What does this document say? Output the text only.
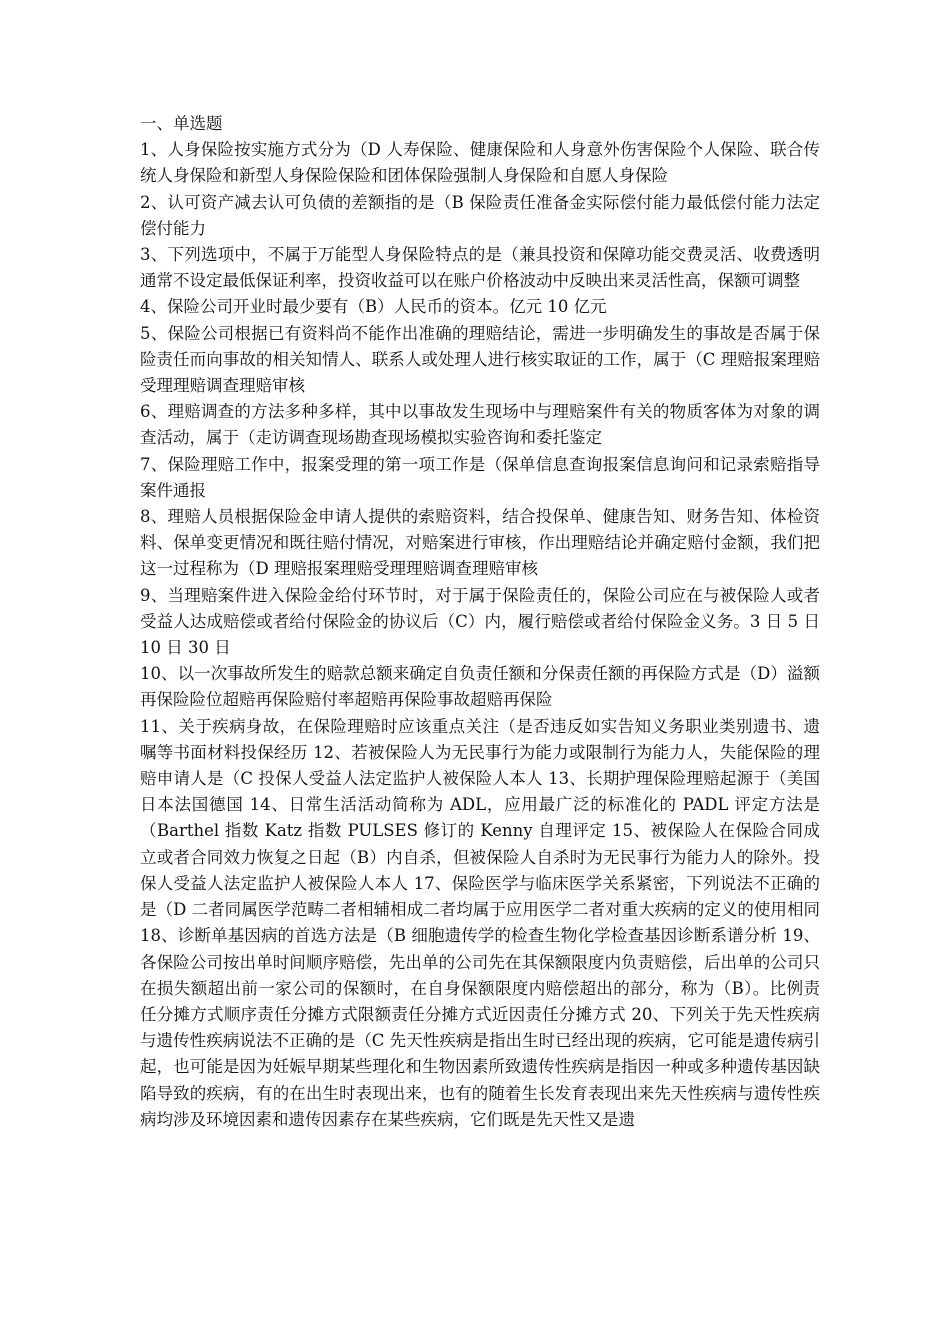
一、单选题

1、人身保险按实施方式分为（D 人寿保险、健康保险和人身意外伤害保险个人保险、联合传统人身保险和新型人身保险保险和团体保险强制人身保险和自愿人身保险

2、认可资产减去认可负债的差额指的是（B 保险责任准备金实际偿付能力最低偿付能力法定偿付能力

3、下列选项中，不属于万能型人身保险特点的是（兼具投资和保障功能交费灵活、收费透明通常不设定最低保证利率，投资收益可以在账户价格波动中反映出来灵活性高，保额可调整

4、保险公司开业时最少要有（B）人民币的资本。亿元 10 亿元

5、保险公司根据已有资料尚不能作出准确的理赔结论，需进一步明确发生的事故是否属于保险责任而向事故的相关知情人、联系人或处理人进行核实取证的工作，属于（C 理赔报案理赔受理理赔调查理赔审核

6、理赔调查的方法多种多样，其中以事故发生现场中与理赔案件有关的物质客体为对象的调查活动，属于（走访调查现场勘查现场模拟实验咨询和委托鉴定

7、保险理赔工作中，报案受理的第一项工作是（保单信息查询报案信息询问和记录索赔指导案件通报

8、理赔人员根据保险金申请人提供的索赔资料，结合投保单、健康告知、财务告知、体检资料、保单变更情况和既往赔付情况，对赔案进行审核，作出理赔结论并确定赔付金额，我们把这一过程称为（D 理赔报案理赔受理理赔调查理赔审核

9、当理赔案件进入保险金给付环节时，对于属于保险责任的，保险公司应在与被保险人或者受益人达成赔偿或者给付保险金的协议后（C）内，履行赔偿或者给付保险金义务。3 日 5 日 10 日 30 日

10、以一次事故所发生的赔款总额来确定自负责任额和分保责任额的再保险方式是（D）溢额再保险险位超赔再保险赔付率超赔再保险事故超赔再保险

11、关于疾病身故，在保险理赔时应该重点关注（是否违反如实告知义务职业类别遗书、遗嘱等书面材料投保经历 12、若被保险人为无民事行为能力或限制行为能力人，失能保险的理赔申请人是（C 投保人受益人法定监护人被保险人本人 13、长期护理保险理赔起源于（美国日本法国德国 14、日常生活活动简称为 ADL，应用最广泛的标准化的 PADL 评定方法是（Barthel 指数 Katz 指数 PULSES 修订的 Kenny 自理评定 15、被保险人在保险合同成立或者合同效力恢复之日起（B）内自杀，但被保险人自杀时为无民事行为能力人的除外。投保人受益人法定监护人被保险人本人 17、保险医学与临床医学关系紧密，下列说法不正确的是（D 二者同属医学范畴二者相辅相成二者均属于应用医学二者对重大疾病的定义的使用相同 18、诊断单基因病的首选方法是（B 细胞遗传学的检查生物化学检查基因诊断系谱分析 19、各保险公司按出单时间顺序赔偿，先出单的公司先在其保额限度内负责赔偿，后出单的公司只在损失额超出前一家公司的保额时，在自身保额限度内赔偿超出的部分，称为（B）。比例责任分摊方式顺序责任分摊方式限额责任分摊方式近因责任分摊方式 20、下列关于先天性疾病与遗传性疾病说法不正确的是（C 先天性疾病是指出生时已经出现的疾病，它可能是遗传病引起，也可能是因为妊娠早期某些理化和生物因素所致遗传性疾病是指因一种或多种遗传基因缺陷导致的疾病，有的在出生时表现出来，也有的随着生长发育表现出来先天性疾病与遗传性疾病均涉及环境因素和遗传因素存在某些疾病，它们既是先天性又是遗
